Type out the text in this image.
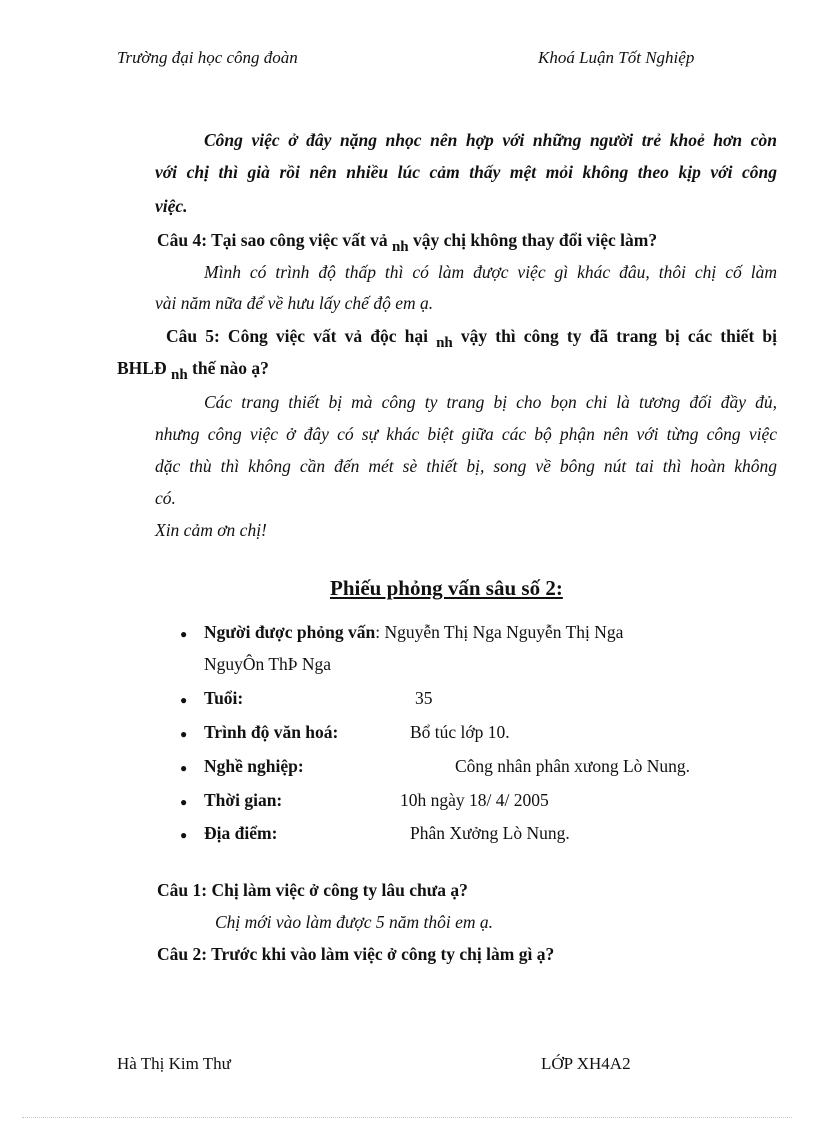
Trường đại học công đoàn	Khoá Luận Tốt Nghiệp
Công việc ở đây nặng nhọc nên hợp với những người trẻ khoẻ hơn còn
với chị thì già rồi nên nhiều lúc cảm thấy mệt mỏi không theo kịp với công
việc.
Câu 4: Tại sao công việc vất vả nh vậy chị không thay đổi việc làm?
Mình có trình độ thấp thì có làm được việc gì khác đâu, thôi chị cố làm
vài năm nữa để về hưu lấy chế độ em ạ.
Câu 5: Công việc vất vả độc hại nh vậy thì công ty đã trang bị các thiết bị
BHLĐ nh thế nào ạ?
Các trang thiết bị mà công ty trang bị cho bọn chi là tương đối đầy đủ,
nhưng công việc ở đây có sự khác biệt giữa các bộ phận nên với từng công việc
dặc thù thì không cần đến mét sè thiết bị, song về bông nút tai thì hoàn không
có.
Xin cảm ơn chị!
Phiếu phỏng vấn sâu số 2:
● Người được phỏng vấn: Nguyễn Thị Nga Nguyễn Thị Nga
NguyÔn ThÞ Nga
● Tuổi:	35
● Trình độ văn hoá:	Bổ túc lớp 10.
● Nghề nghiệp:	Công nhân phân xưong Lò Nung.
● Thời gian:	10h ngày 18/ 4/ 2005
● Địa điểm:	Phân Xưởng Lò Nung.
Câu 1: Chị làm việc ở công ty lâu chưa ạ?
Chị mới vào làm được 5 năm thôi em ạ.
Câu 2: Trước khi vào làm việc ở công ty chị làm gì ạ?
Hà Thị Kim Thư	LỚP XH4A2
